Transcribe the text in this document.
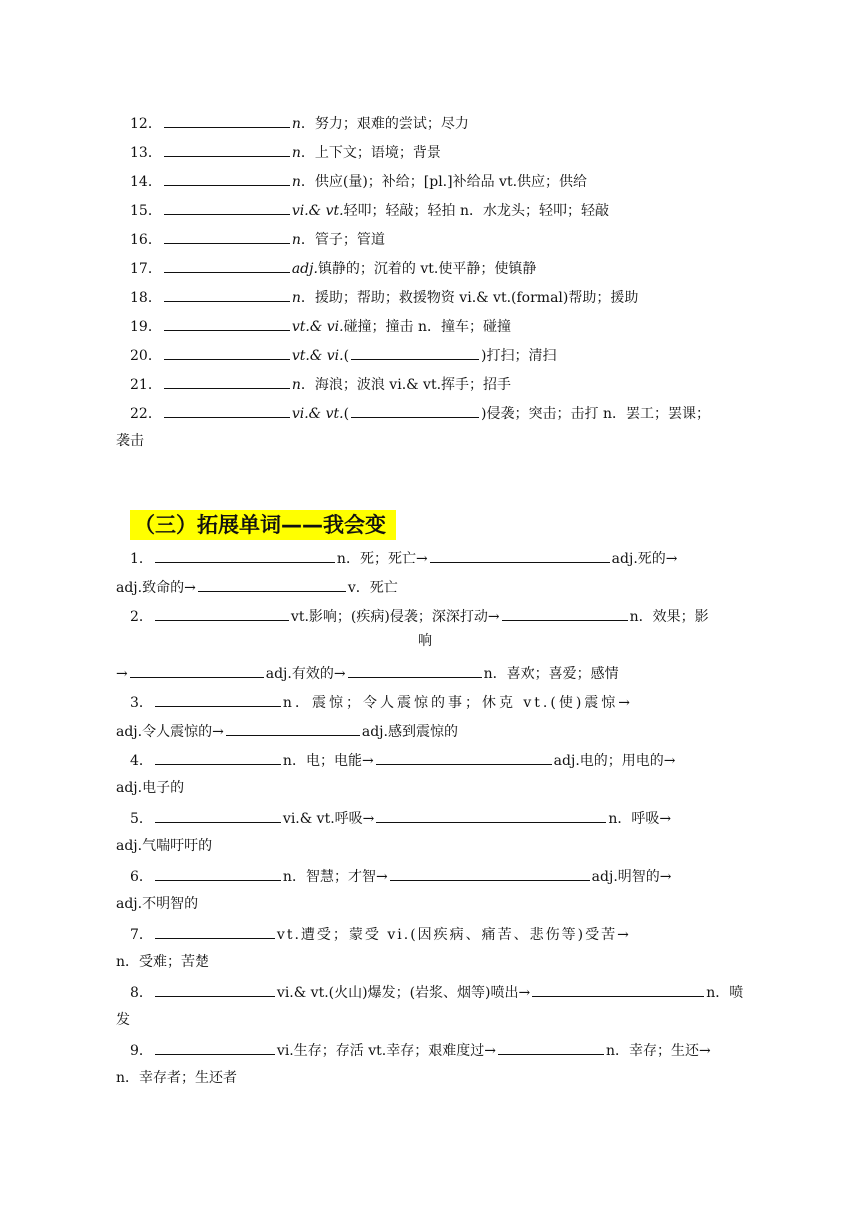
12．	n．努力；艰难的尝试；尽力
13．	n．上下文；语境；背景
14．	n．供应(量)；补给；[pl.]补给品 vt.供应；供给
15．	vi.& vt.轻叩；轻敲；轻拍 n．水龙头；轻叩；轻敲
16．	n．管子；管道
17．	adj.镇静的；沉着的 vt.使平静；使镇静
18．	n．援助；帮助；救援物资 vi.& vt.(formal)帮助；援助
19．	vt.& vi.碰撞；撞击 n．撞车；碰撞
20．	vt.& vi.(	)打扫；清扫
21．	n．海浪；波浪 vi.& vt.挥手；招手
22．	vi.& vt.(	)侵袭；突击；击打 n．罢工；罢课；
袭击
（三）拓展单词——我会变
1．	n．死；死亡→	adj.死的→
adj.致命的→	v．死亡
2．	vt.影响；(疾病)侵袭；深深打动→	n．效果；影
响
→	adj.有效的→	n．喜欢；喜爱；感情
3．	n．震惊；令人震惊的事；休克 vt.(使)震惊→
adj.令人震惊的→	adj.感到震惊的
4．	n．电；电能→	adj.电的；用电的→
adj.电子的
5．	vi.& vt.呼吸→	n．呼吸→
adj.气喘吁吁的
6．	n．智慧；才智→	adj.明智的→
adj.不明智的
7．	vt.遭受；蒙受 vi.(因疾病、痛苦、悲伤等)受苦→
n．受难；苦楚
8．	vi.& vt.(火山)爆发；(岩浆、烟等)喷出→	n．喷
发
9．	vi.生存；存活 vt.幸存；艰难度过→	n．幸存；生还→
n．幸存者；生还者
